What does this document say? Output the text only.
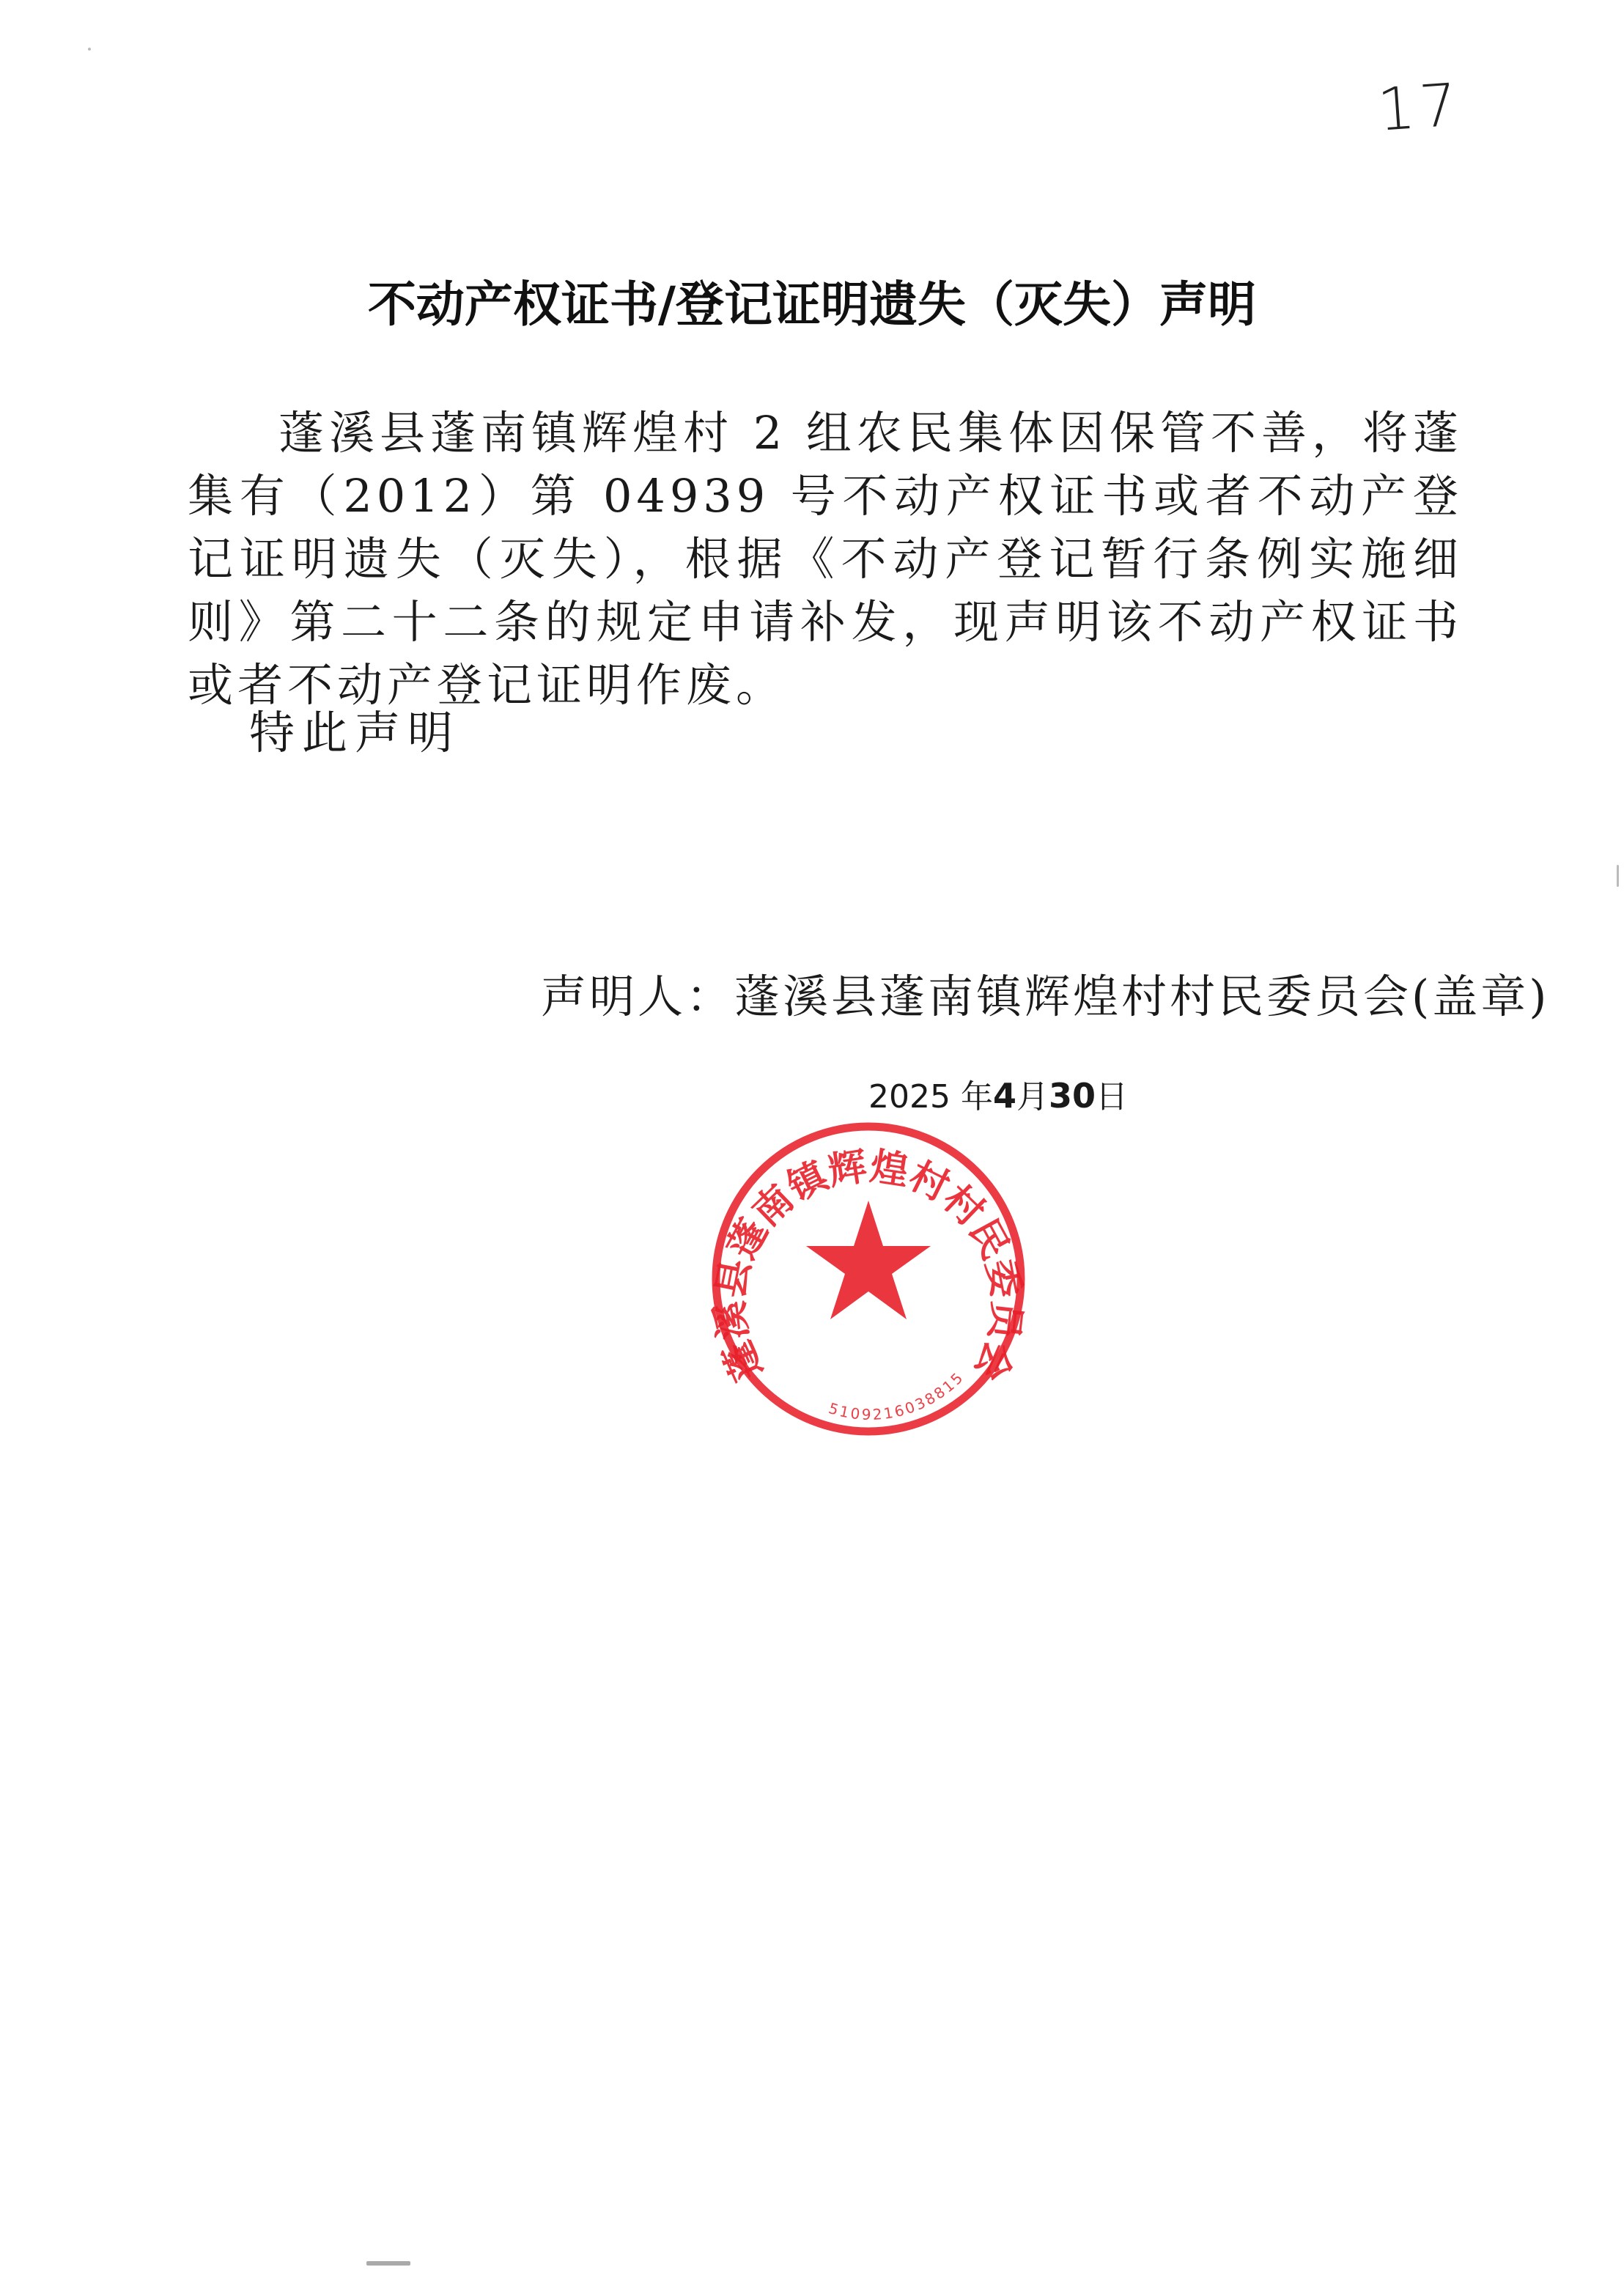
17
不动产权证书/登记证明遗失（灭失）声明

蓬溪县蓬南镇辉煌村 2 组农民集体因保管不善，将蓬集有（2012）第 04939 号不动产权证书或者不动产登记证明遗失（灭失），根据《不动产登记暂行条例实施细则》第二十二条的规定申请补发，现声明该不动产权证书或者不动产登记证明作废。

特此声明
声明人：蓬溪县蓬南镇辉煌村村民委员会(盖章)
2025 年4月30日
蓬溪县蓬南镇辉煌村村民委员会
5109216038815
